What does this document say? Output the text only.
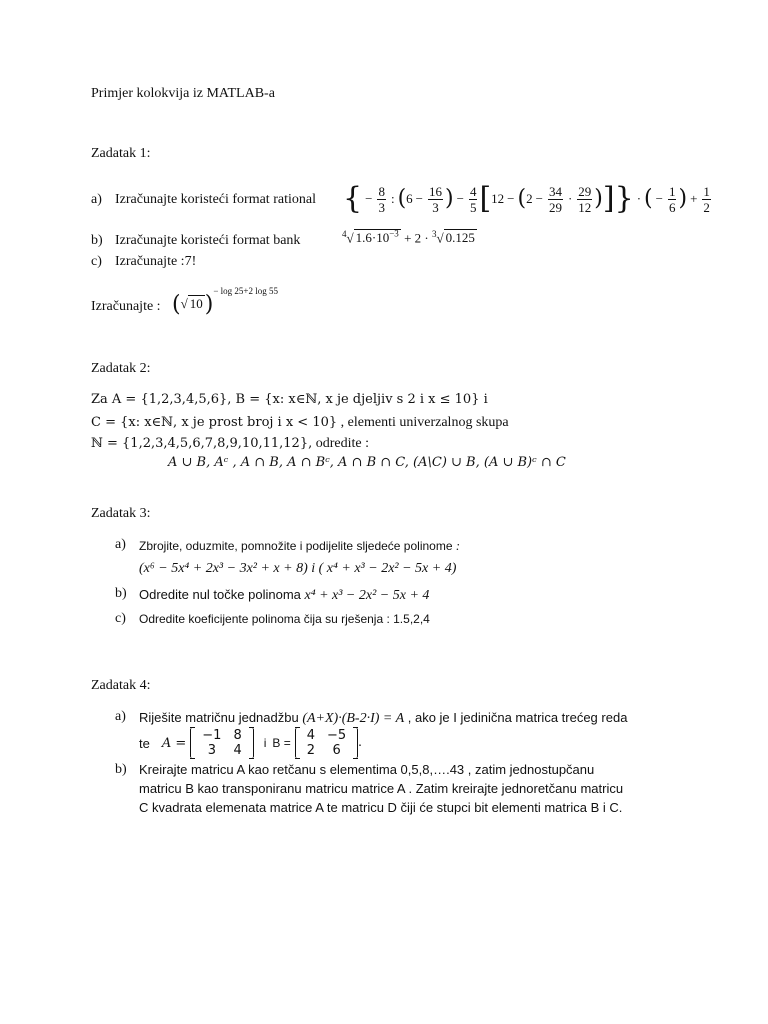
Primjer kolokvija iz MATLAB-a
Zadatak 1:
a) Izračunajte koristeći format rational { − $\frac{8}{3}$ : ( $6 - \frac{16}{3}$ ) − $\frac{4}{5}$ [ 12 − ( $2 - \frac{34}{29} \cdot \frac{29}{12}$ ) ] } · ( − $\frac{1}{6}$ ) + $\frac{1}{2}$
b) Izračunajte koristeći format bank	$^4$√ $1.6\cdot 10^{-3} + 2 \cdot ^3√$ 0.125
c) Izračunajte :7!
Izračunajte : (√ 10)$^{- log 25+2 log 55}$
Zadatak 2:
Za A = {1,2,3,4,5,6}, B = {x: x∈ℕ, x je djeljiv s 2 i x ≤ 10} i
C = {x: x∈ℕ, x je prost broj i x < 10} , elementi univerzalnog skupa
ℕ = {1,2,3,4,5,6,7,8,9,10,11,12}, odredite :
A ∪ B, Aᶜ , A ∩ B, A ∩ Bᶜ, A ∩ B ∩ C, (A\C) ∪ B, (A ∪ B)ᶜ ∩ C
Zadatak 3:
a) Zbrojite, oduzmite, pomnožite i podijelite sljedeće polinome :
(x⁶ − 5x⁴ + 2x³ − 3x² + x + 8) i ( x⁴ + x³ − 2x² − 5x + 4)
b) Odredite nul točke polinoma x⁴ + x³ − 2x² − 5x + 4
c) Odredite koeficijente polinoma čija su rješenja : 1.5,2,4
Zadatak 4:
a) Riješite matričnu jednadžbu (A+X)·(B-2·I) = A , ako je I jedinična matrica trećeg reda
te A = −1	8
3	4 i B = 4	−5
2	6
.
b) Kreirajte matricu A kao retčanu s elementima 0,5,8,….43 , zatim jednostupčanu
matricu B kao transponiranu matricu matrice A . Zatim kreirajte jednoretčanu matricu
C kvadrata elemenata matrice A te matricu D čiji će stupci bit elementi matrica B i C.
